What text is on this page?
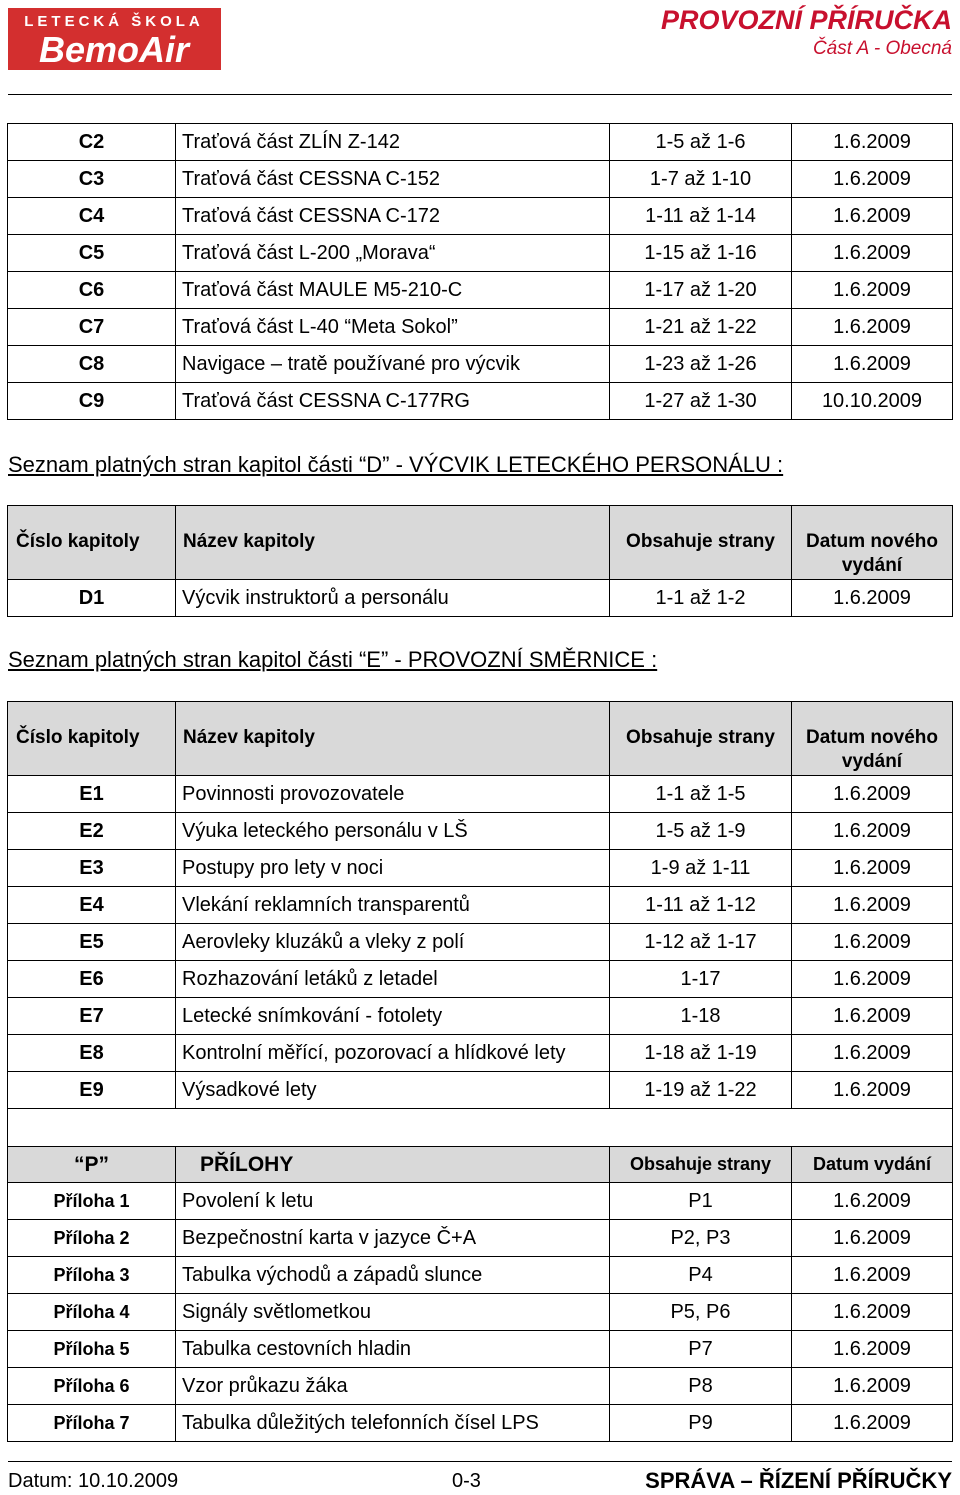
LETECKÁ ŠKOLA
BemoAir
PROVOZNÍ PŘÍRUČKA
Část A - Obecná
C2	Traťová část ZLÍN Z-142	1-5 až 1-6	1.6.2009
C3	Traťová část CESSNA C-152	1-7 až 1-10	1.6.2009
C4	Traťová část CESSNA C-172	1-11 až 1-14	1.6.2009
C5	Traťová část L-200 „Morava“	1-15 až 1-16	1.6.2009
C6	Traťová část MAULE M5-210-C	1-17 až 1-20	1.6.2009
C7	Traťová část L-40 “Meta Sokol”	1-21 až 1-22	1.6.2009
C8	Navigace – tratě používané pro výcvik	1-23 až 1-26	1.6.2009
C9	Traťová část CESSNA C-177RG	1-27 až 1-30	10.10.2009
Seznam platných stran kapitol části “D” - VÝCVIK LETECKÉHO PERSONÁLU :
Číslo kapitoly	Název kapitoly	Obsahuje strany	Datum nového vydání
D1	Výcvik instruktorů a personálu	1-1 až 1-2	1.6.2009
Seznam platných stran kapitol části “E” - PROVOZNÍ SMĚRNICE :
Číslo kapitoly	Název kapitoly	Obsahuje strany	Datum nového vydání
E1	Povinnosti provozovatele	1-1 až 1-5	1.6.2009
E2	Výuka leteckého personálu v LŠ	1-5 až 1-9	1.6.2009
E3	Postupy pro lety v noci	1-9 až 1-11	1.6.2009
E4	Vlekání reklamních transparentů	1-11 až 1-12	1.6.2009
E5	Aerovleky kluzáků a vleky z polí	1-12 až 1-17	1.6.2009
E6	Rozhazování letáků z letadel	1-17	1.6.2009
E7	Letecké snímkování - fotolety	1-18	1.6.2009
E8	Kontrolní měřící, pozorovací a hlídkové lety	1-18 až 1-19	1.6.2009
E9	Výsadkové lety	1-19 až 1-22	1.6.2009

“P”	PŘÍLOHY	Obsahuje strany	Datum vydání
Příloha 1	Povolení k letu	P1	1.6.2009
Příloha 2	Bezpečnostní karta v jazyce Č+A	P2, P3	1.6.2009
Příloha 3	Tabulka východů a západů slunce	P4	1.6.2009
Příloha 4	Signály světlometkou	P5, P6	1.6.2009
Příloha 5	Tabulka cestovních hladin	P7	1.6.2009
Příloha 6	Vzor průkazu žáka	P8	1.6.2009
Příloha 7	Tabulka důležitých telefonních čísel LPS	P9	1.6.2009
Datum: 10.10.2009	0-3	SPRÁVA – ŘÍZENÍ PŘÍRUČKY
